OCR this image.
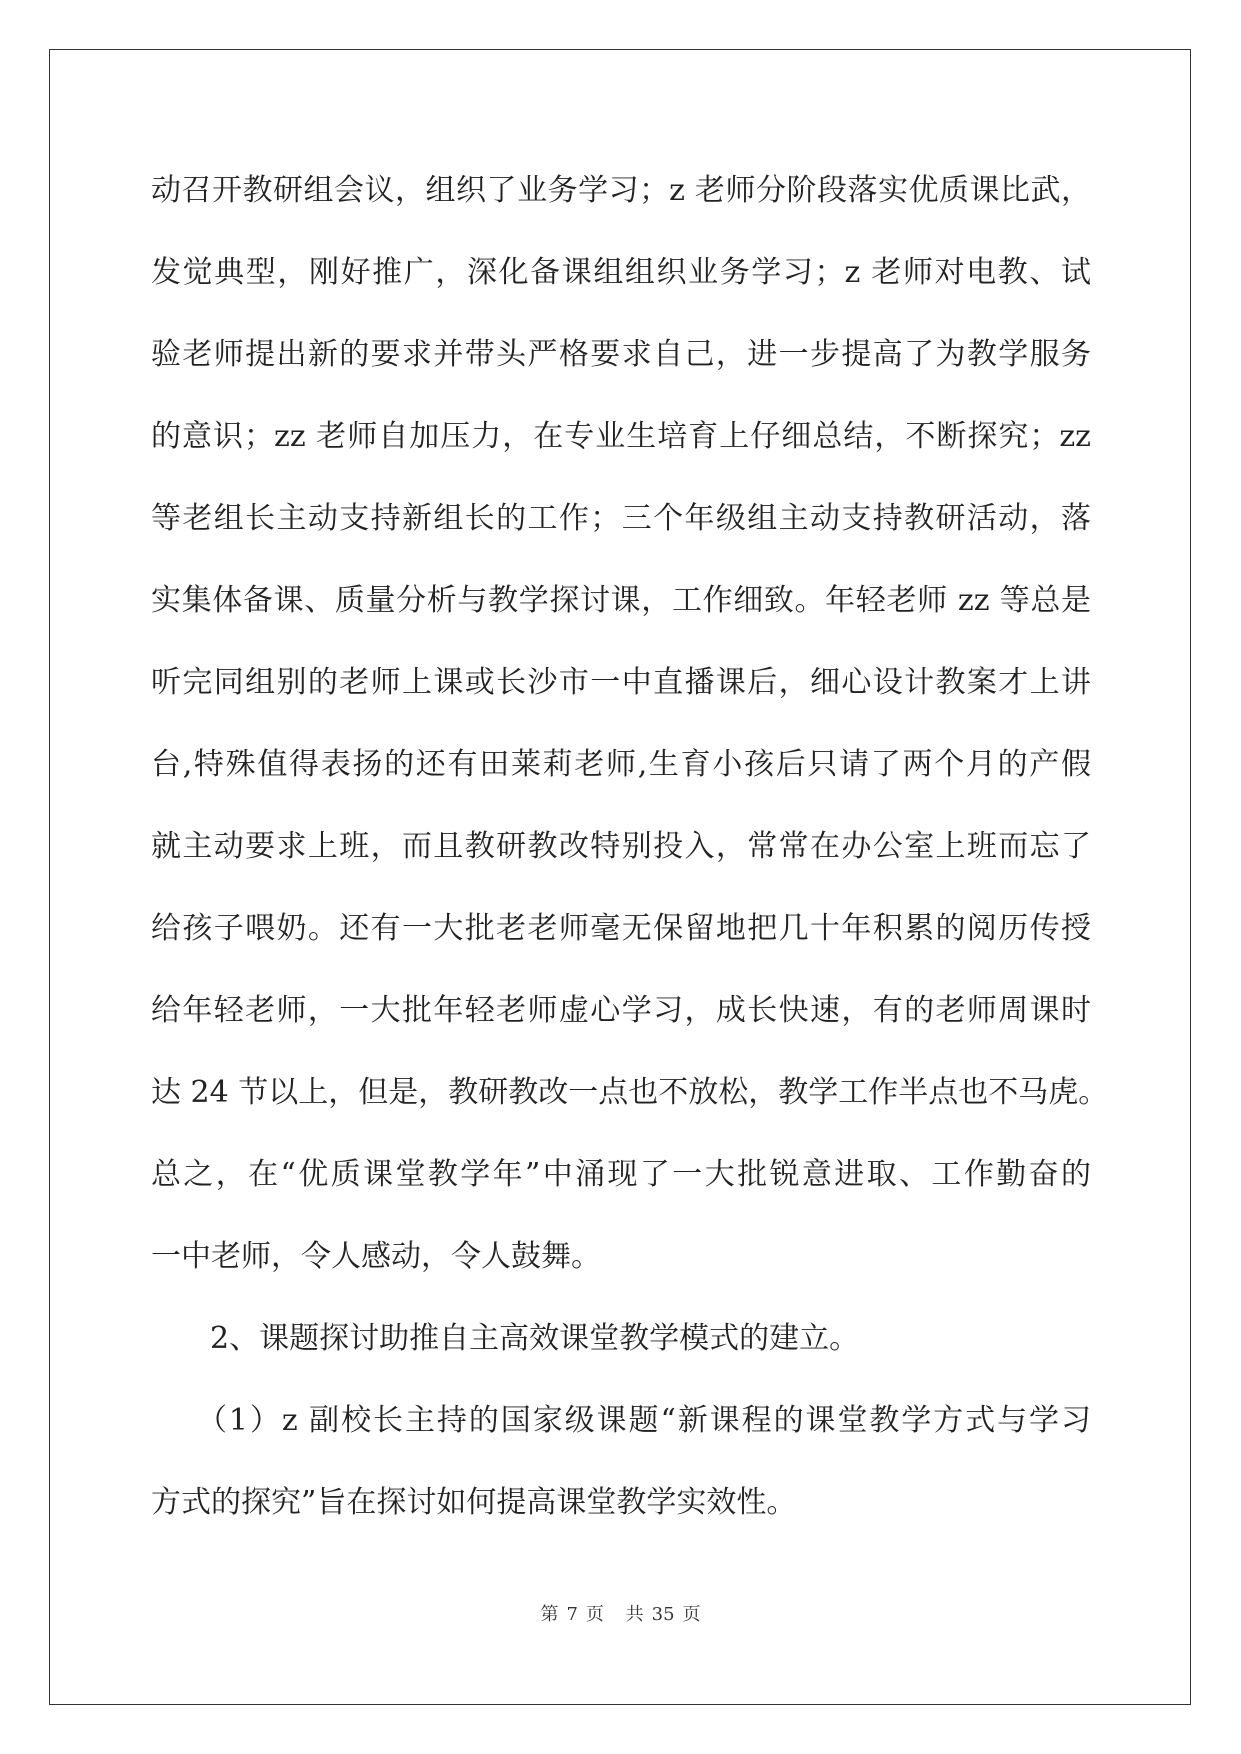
动召开教研组会议，组织了业务学习；z 老师分阶段落实优质课比武，
发觉典型，刚好推广，深化备课组组织业务学习；z 老师对电教、试
验老师提出新的要求并带头严格要求自己，进一步提高了为教学服务
的意识；zz 老师自加压力，在专业生培育上仔细总结，不断探究；zz
等老组长主动支持新组长的工作；三个年级组主动支持教研活动，落
实集体备课、质量分析与教学探讨课，工作细致。年轻老师 zz 等总是
听完同组别的老师上课或长沙市一中直播课后，细心设计教案才上讲
台,特殊值得表扬的还有田莱莉老师,生育小孩后只请了两个月的产假
就主动要求上班，而且教研教改特别投入，常常在办公室上班而忘了
给孩子喂奶。还有一大批老老师毫无保留地把几十年积累的阅历传授
给年轻老师，一大批年轻老师虚心学习，成长快速，有的老师周课时
达 24 节以上，但是，教研教改一点也不放松，教学工作半点也不马虎。
总之，在“优质课堂教学年”中涌现了一大批锐意进取、工作勤奋的
一中老师，令人感动，令人鼓舞。
2、课题探讨助推自主高效课堂教学模式的建立。
（1）z 副校长主持的国家级课题“新课程的课堂教学方式与学习
方式的探究”旨在探讨如何提高课堂教学实效性。
第 7 页 共 35 页
